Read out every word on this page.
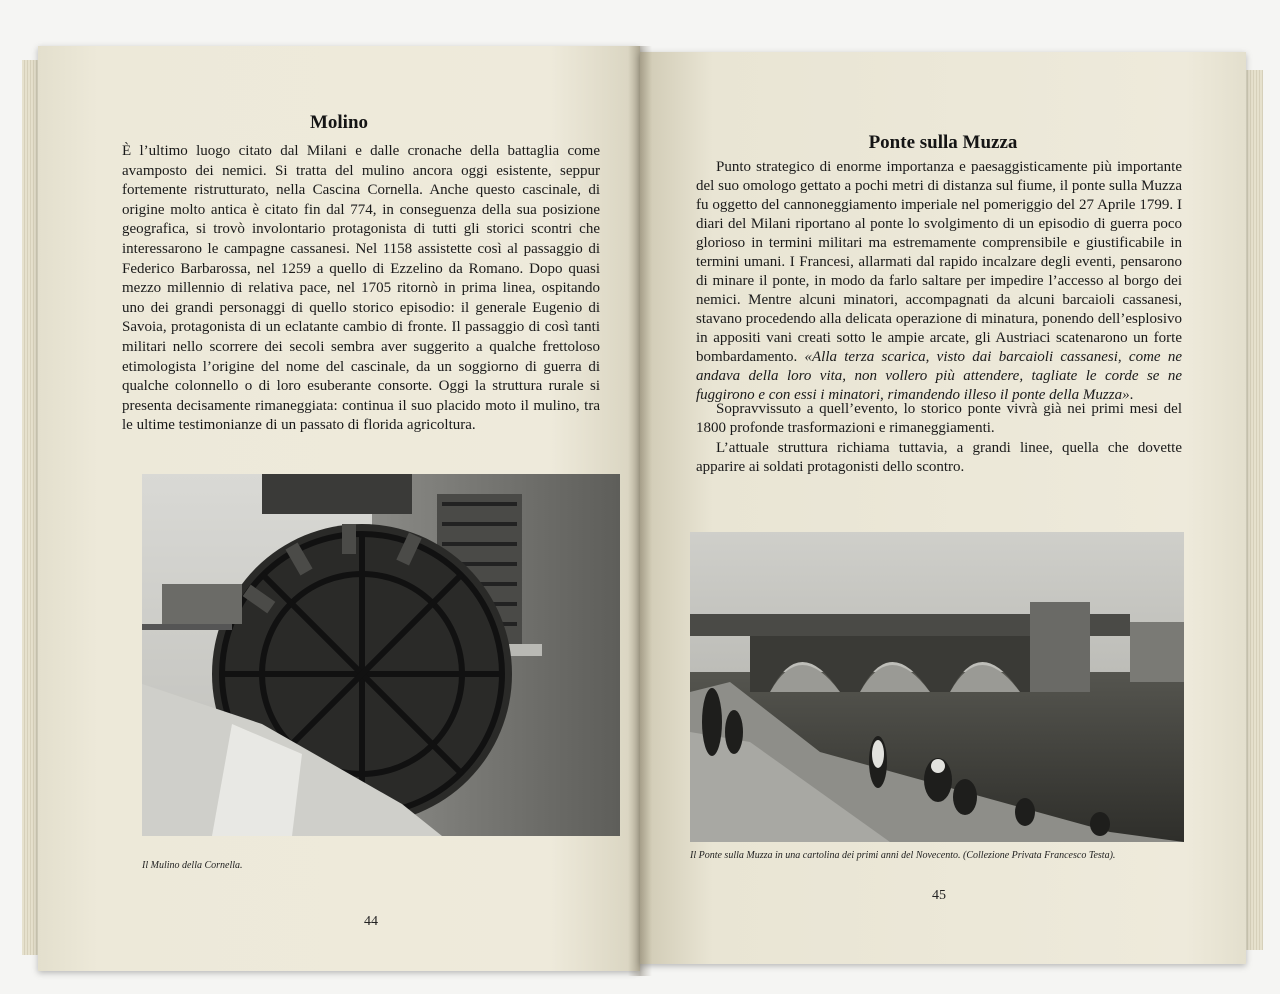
Molino

È l’ultimo luogo citato dal Milani e dalle cronache della battaglia come avamposto dei nemici. Si tratta del mulino ancora oggi esistente, seppur fortemente ristrutturato, nella Cascina Cornella. Anche questo cascinale, di origine molto antica è citato fin dal 774, in conseguenza della sua posizione geografica, si trovò involontario protagonista di tutti gli storici scontri che interessarono le campagne cassanesi. Nel 1158 assistette così al passaggio di Federico Barbarossa, nel 1259 a quello di Ezzelino da Romano. Dopo quasi mezzo millennio di relativa pace, nel 1705 ritornò in prima linea, ospitando uno dei grandi personaggi di quello storico episodio: il generale Eugenio di Savoia, protagonista di un eclatante cambio di fronte. Il passaggio di così tanti militari nello scorrere dei secoli sembra aver suggerito a qualche frettoloso etimologista l’origine del nome del cascinale, da un soggiorno di guerra di qualche colonnello o di loro esuberante consorte. Oggi la struttura rurale si presenta decisamente rimaneggiata: continua il suo placido moto il mulino, tra le ultime testimonianze di un passato di florida agricoltura.

Il Mulino della Cornella.

44

Ponte sulla Muzza

Punto strategico di enorme importanza e paesaggisticamente più importante del suo omologo gettato a pochi metri di distanza sul fiume, il ponte sulla Muzza fu oggetto del cannoneggiamento imperiale nel pomeriggio del 27 Aprile 1799. I diari del Milani riportano al ponte lo svolgimento di un episodio di guerra poco glorioso in termini militari ma estremamente comprensibile e giustificabile in termini umani. I Francesi, allarmati dal rapido incalzare degli eventi, pensarono di minare il ponte, in modo da farlo saltare per impedire l’accesso al borgo dei nemici. Mentre alcuni minatori, accompagnati da alcuni barcaioli cassanesi, stavano procedendo alla delicata operazione di minatura, ponendo dell’esplosivo in appositi vani creati sotto le ampie arcate, gli Austriaci scatenarono un forte bombardamento. «Alla terza scarica, visto dai barcaioli cassanesi, come ne andava della loro vita, non vollero più attendere, tagliate le corde se ne fuggirono e con essi i minatori, rimandendo illeso il ponte della Muzza».

Sopravvissuto a quell’evento, lo storico ponte vivrà già nei primi mesi del 1800 profonde trasformazioni e rimaneggiamenti.

L’attuale struttura richiama tuttavia, a grandi linee, quella che dovette apparire ai soldati protagonisti dello scontro.

Il Ponte sulla Muzza in una cartolina dei primi anni del Novecento. (Collezione Privata Francesco Testa).

45
